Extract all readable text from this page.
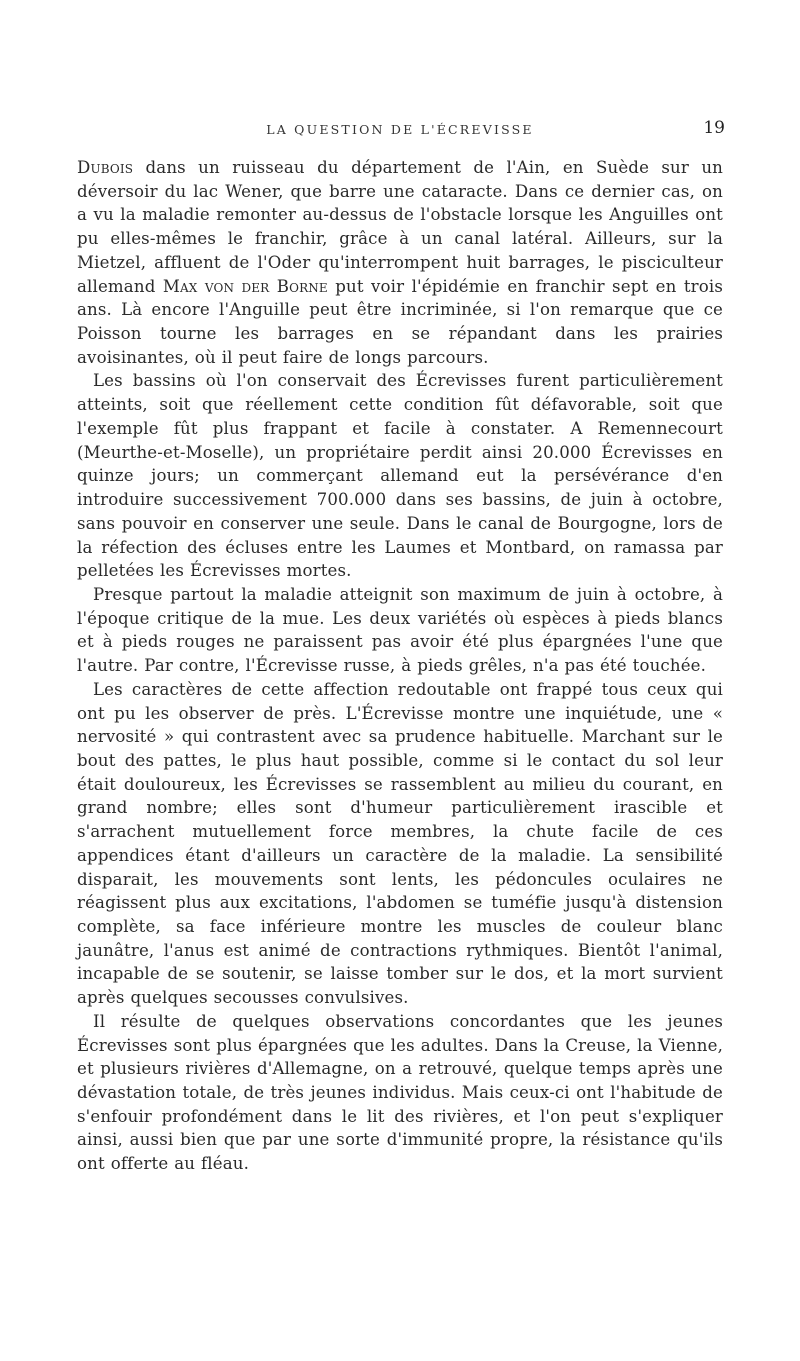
LA QUESTION DE L'ÉCREVISSE	19

Dubois dans un ruisseau du département de l'Ain, en Suède sur un déversoir du lac Wener, que barre une cataracte. Dans ce dernier cas, on a vu la maladie remonter au-dessus de l'obstacle lorsque les Anguilles ont pu elles-mêmes le franchir, grâce à un canal latéral. Ailleurs, sur la Mietzel, affluent de l'Oder qu'interrompent huit barrages, le pisciculteur allemand Max von der Borne put voir l'épidémie en franchir sept en trois ans. Là encore l'Anguille peut être incriminée, si l'on remarque que ce Poisson tourne les barrages en se répandant dans les prairies avoisinantes, où il peut faire de longs parcours.

Les bassins où l'on conservait des Écrevisses furent particulièrement atteints, soit que réellement cette condition fût défavorable, soit que l'exemple fût plus frappant et facile à constater. A Remennecourt (Meurthe-et-Moselle), un propriétaire perdit ainsi 20.000 Écrevisses en quinze jours; un commerçant allemand eut la persévérance d'en introduire successivement 700.000 dans ses bassins, de juin à octobre, sans pouvoir en conserver une seule. Dans le canal de Bourgogne, lors de la réfection des écluses entre les Laumes et Montbard, on ramassa par pelletées les Écrevisses mortes.

Presque partout la maladie atteignit son maximum de juin à octobre, à l'époque critique de la mue. Les deux variétés où espèces à pieds blancs et à pieds rouges ne paraissent pas avoir été plus épargnées l'une que l'autre. Par contre, l'Écrevisse russe, à pieds grêles, n'a pas été touchée.

Les caractères de cette affection redoutable ont frappé tous ceux qui ont pu les observer de près. L'Écrevisse montre une inquiétude, une « nervosité » qui contrastent avec sa prudence habituelle. Marchant sur le bout des pattes, le plus haut possible, comme si le contact du sol leur était douloureux, les Écrevisses se rassemblent au milieu du courant, en grand nombre; elles sont d'humeur particulièrement irascible et s'arrachent mutuellement force membres, la chute facile de ces appendices étant d'ailleurs un caractère de la maladie. La sensibilité disparait, les mouvements sont lents, les pédoncules oculaires ne réagissent plus aux excitations, l'abdomen se tuméfie jusqu'à distension complète, sa face inférieure montre les muscles de couleur blanc jaunâtre, l'anus est animé de contractions rythmiques. Bientôt l'animal, incapable de se soutenir, se laisse tomber sur le dos, et la mort survient après quelques secousses convulsives.

Il résulte de quelques observations concordantes que les jeunes Écrevisses sont plus épargnées que les adultes. Dans la Creuse, la Vienne, et plusieurs rivières d'Allemagne, on a retrouvé, quelque temps après une dévastation totale, de très jeunes individus. Mais ceux-ci ont l'habitude de s'enfouir profondément dans le lit des rivières, et l'on peut s'expliquer ainsi, aussi bien que par une sorte d'immunité propre, la résistance qu'ils ont offerte au fléau.
